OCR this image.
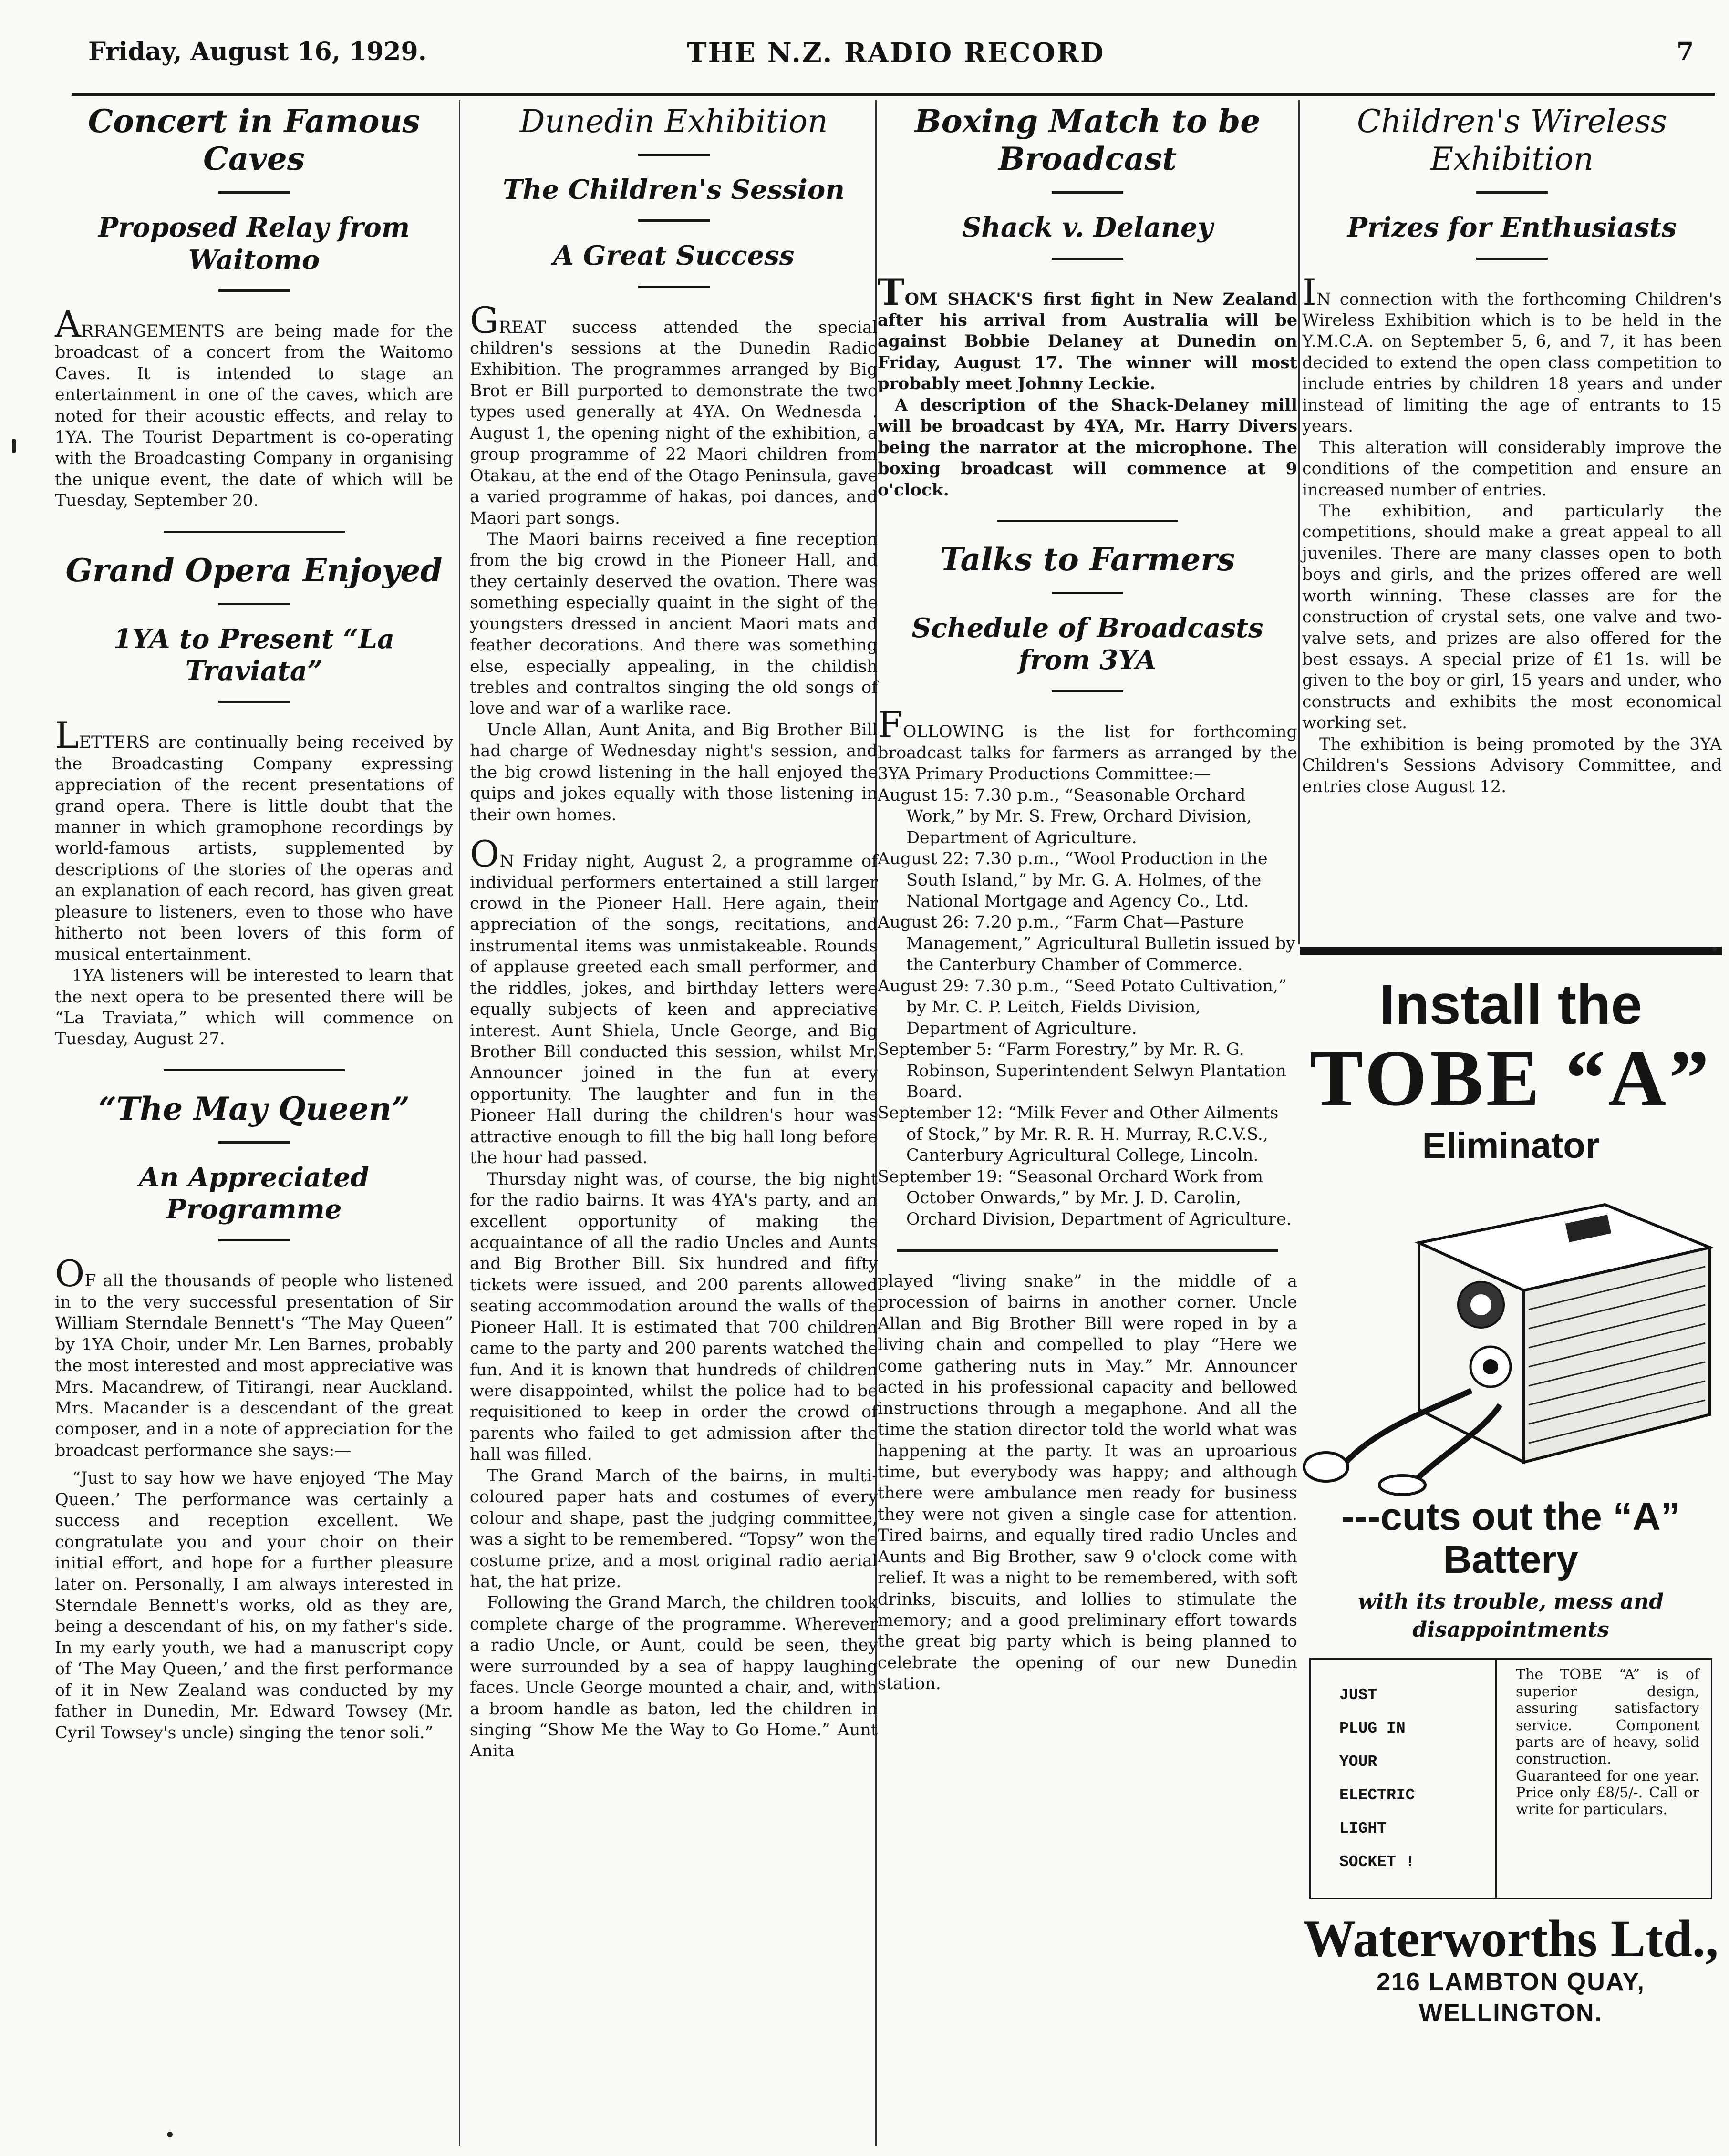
Friday, August 16, 1929.	THE N.Z. RADIO RECORD	7
Concert in Famous Caves
Proposed Relay from Waitomo

ARRANGEMENTS are being made for the broadcast of a concert from the Waitomo Caves. It is intended to stage an entertainment in one of the caves, which are noted for their acoustic effects, and relay to 1YA. The Tourist Department is co-operating with the Broadcasting Company in organising the unique event, the date of which will be Tuesday, September 20.

Grand Opera Enjoyed
1YA to Present “La Traviata”

LETTERS are continually being received by the Broadcasting Company expressing appreciation of the recent presentations of grand opera. There is little doubt that the manner in which gramophone recordings by world-famous artists, supplemented by descriptions of the stories of the operas and an explanation of each record, has given great pleasure to listeners, even to those who have hitherto not been lovers of this form of musical entertainment.

1YA listeners will be interested to learn that the next opera to be presented there will be “La Traviata,” which will commence on Tuesday, August 27.

“The May Queen”
An Appreciated Programme

OF all the thousands of people who listened in to the very successful presentation of Sir William Sterndale Bennett's “The May Queen” by 1YA Choir, under Mr. Len Barnes, probably the most interested and most appreciative was Mrs. Macandrew, of Titirangi, near Auckland. Mrs. Macander is a descendant of the great composer, and in a note of appreciation for the broadcast performance she says:—

“Just to say how we have enjoyed ‘The May Queen.’ The performance was certainly a success and reception excellent. We congratulate you and your choir on their initial effort, and hope for a further pleasure later on. Personally, I am always interested in Sterndale Bennett's works, old as they are, being a descendant of his, on my father's side. In my early youth, we had a manuscript copy of ‘The May Queen,’ and the first performance of it in New Zealand was conducted by my father in Dunedin, Mr. Edward Towsey (Mr. Cyril Towsey's uncle) singing the tenor soli.”

Dunedin Exhibition
The Children's Session
A Great Success

GREAT success attended the special children's sessions at the Dunedin Radio Exhibition. The programmes arranged by Big Brot er Bill purported to demonstrate the two types used generally at 4YA. On Wednesda . August 1, the opening night of the exhibition, a group programme of 22 Maori children from Otakau, at the end of the Otago Peninsula, gave a varied programme of hakas, poi dances, and Maori part songs.

The Maori bairns received a fine reception from the big crowd in the Pioneer Hall, and they certainly deserved the ovation. There was something especially quaint in the sight of the youngsters dressed in ancient Maori mats and feather decorations. And there was something else, especially appealing, in the childish trebles and contraltos singing the old songs of love and war of a warlike race.

Uncle Allan, Aunt Anita, and Big Brother Bill had charge of Wednesday night's session, and the big crowd listening in the hall enjoyed the quips and jokes equally with those listening in their own homes.

ON Friday night, August 2, a programme of individual performers entertained a still larger crowd in the Pioneer Hall. Here again, their appreciation of the songs, recitations, and instrumental items was unmistakeable. Rounds of applause greeted each small performer, and the riddles, jokes, and birthday letters were equally subjects of keen and appreciative interest. Aunt Shiela, Uncle George, and Big Brother Bill conducted this session, whilst Mr. Announcer joined in the fun at every opportunity. The laughter and fun in the Pioneer Hall during the children's hour was attractive enough to fill the big hall long before the hour had passed.

Thursday night was, of course, the big night for the radio bairns. It was 4YA's party, and an excellent opportunity of making the acquaintance of all the radio Uncles and Aunts and Big Brother Bill. Six hundred and fifty tickets were issued, and 200 parents allowed seating accommodation around the walls of the Pioneer Hall. It is estimated that 700 children came to the party and 200 parents watched the fun. And it is known that hundreds of children were disappointed, whilst the police had to be requisitioned to keep in order the crowd of parents who failed to get admission after the hall was filled.

The Grand March of the bairns, in multi-coloured paper hats and costumes of every colour and shape, past the judging committee, was a sight to be remembered. “Topsy” won the costume prize, and a most original radio aerial hat, the hat prize.

Following the Grand March, the children took complete charge of the programme. Wherever a radio Uncle, or Aunt, could be seen, they were surrounded by a sea of happy laughing faces. Uncle George mounted a chair, and, with a broom handle as baton, led the children in singing “Show Me the Way to Go Home.” Aunt Anita

Boxing Match to be Broadcast
Shack v. Delaney

TOM SHACK'S first fight in New Zealand after his arrival from Australia will be against Bobbie Delaney at Dunedin on Friday, August 17. The winner will most probably meet Johnny Leckie.

A description of the Shack-Delaney mill will be broadcast by 4YA, Mr. Harry Divers being the narrator at the microphone. The boxing broadcast will commence at 9 o'clock.

Talks to Farmers
Schedule of Broadcasts from 3YA

FOLLOWING is the list for forthcoming broadcast talks for farmers as arranged by the 3YA Primary Productions Committee:—

August 15: 7.30 p.m., “Seasonable Orchard Work,” by Mr. S. Frew, Orchard Division, Department of Agriculture.

August 22: 7.30 p.m., “Wool Production in the South Island,” by Mr. G. A. Holmes, of the National Mortgage and Agency Co., Ltd.

August 26: 7.20 p.m., “Farm Chat—Pasture Management,” Agricultural Bulletin issued by the Canterbury Chamber of Commerce.

August 29: 7.30 p.m., “Seed Potato Cultivation,” by Mr. C. P. Leitch, Fields Division, Department of Agriculture.

September 5: “Farm Forestry,” by Mr. R. G. Robinson, Superintendent Selwyn Plantation Board.

September 12: “Milk Fever and Other Ailments of Stock,” by Mr. R. R. H. Murray, R.C.V.S., Canterbury Agricultural College, Lincoln.

September 19: “Seasonal Orchard Work from October Onwards,” by Mr. J. D. Carolin, Orchard Division, Department of Agriculture.

played “living snake” in the middle of a procession of bairns in another corner. Uncle Allan and Big Brother Bill were roped in by a living chain and compelled to play “Here we come gathering nuts in May.” Mr. Announcer acted in his professional capacity and bellowed instructions through a megaphone. And all the time the station director told the world what was happening at the party. It was an uproarious time, but everybody was happy; and although there were ambulance men ready for business they were not given a single case for attention. Tired bairns, and equally tired radio Uncles and Aunts and Big Brother, saw 9 o'clock come with relief. It was a night to be remembered, with soft drinks, biscuits, and lollies to stimulate the memory; and a good preliminary effort towards the great big party which is being planned to celebrate the opening of our new Dunedin station.

Children's Wireless Exhibition
Prizes for Enthusiasts

IN connection with the forthcoming Children's Wireless Exhibition which is to be held in the Y.M.C.A. on September 5, 6, and 7, it has been decided to extend the open class competition to include entries by children 18 years and under instead of limiting the age of entrants to 15 years.

This alteration will considerably improve the conditions of the competition and ensure an increased number of entries.

The exhibition, and particularly the competitions, should make a great appeal to all juveniles. There are many classes open to both boys and girls, and the prizes offered are well worth winning. These classes are for the construction of crystal sets, one valve and two-valve sets, and prizes are also offered for the best essays. A special prize of £1 1s. will be given to the boy or girl, 15 years and under, who constructs and exhibits the most economical working set.

The exhibition is being promoted by the 3YA Children's Sessions Advisory Committee, and entries close August 12.

Install the
TOBE “A”
Eliminator
---cuts out the “A”
Battery
with its trouble, mess and disappointments
JUST
PLUG IN
YOUR
ELECTRIC
LIGHT
SOCKET !
The TOBE “A” is of superior design, assuring satisfactory service. Component parts are of heavy, solid construction. Guaranteed for one year. Price only £8/5/-. Call or write for particulars.
Waterworths Ltd.,
216 LAMBTON QUAY,
WELLINGTON.
